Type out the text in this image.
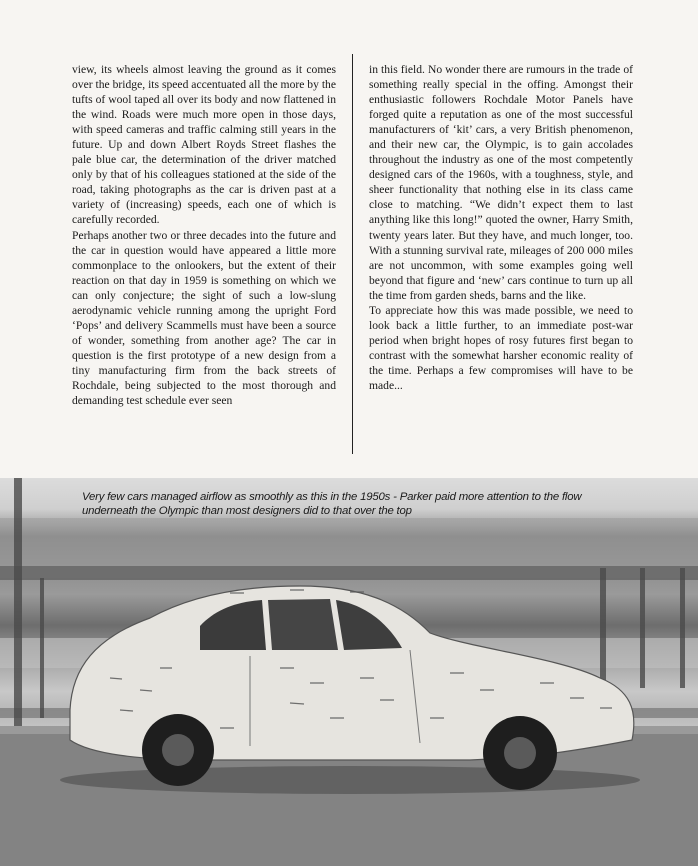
view, its wheels almost leaving the ground as it comes over the bridge, its speed accentuated all the more by the tufts of wool taped all over its body and now flattened in the wind. Roads were much more open in those days, with speed cameras and traffic calming still years in the future. Up and down Albert Royds Street flashes the pale blue car, the determination of the driver matched only by that of his colleagues stationed at the side of the road, taking photographs as the car is driven past at a variety of (increasing) speeds, each one of which is carefully recorded.

Perhaps another two or three decades into the future and the car in question would have appeared a little more commonplace to the onlookers, but the extent of their reaction on that day in 1959 is something on which we can only conjecture; the sight of such a low-slung aerodynamic vehicle running among the upright Ford ‘Pops’ and delivery Scammells must have been a source of wonder, something from another age? The car in question is the first prototype of a new design from a tiny manufacturing firm from the back streets of Rochdale, being subjected to the most thorough and demanding test schedule ever seen

in this field. No wonder there are rumours in the trade of something really special in the offing. Amongst their enthusiastic followers Rochdale Motor Panels have forged quite a reputation as one of the most successful manufacturers of ‘kit’ cars, a very British phenomenon, and their new car, the Olympic, is to gain accolades throughout the industry as one of the most competently designed cars of the 1960s, with a toughness, style, and sheer functionality that nothing else in its class came close to matching. “We didn’t expect them to last anything like this long!” quoted the owner, Harry Smith, twenty years later. But they have, and much longer, too. With a stunning survival rate, mileages of 200 000 miles are not uncommon, with some examples going well beyond that figure and ‘new’ cars continue to turn up all the time from garden sheds, barns and the like.

To appreciate how this was made possible, we need to look back a little further, to an immediate post-war period when bright hopes of rosy futures first began to contrast with the somewhat harsher economic reality of the time. Perhaps a few compromises will have to be made...

Very few cars managed airflow as smoothly as this in the 1950s - Parker paid more attention to the flow underneath the Olympic than most designers did to that over the top
